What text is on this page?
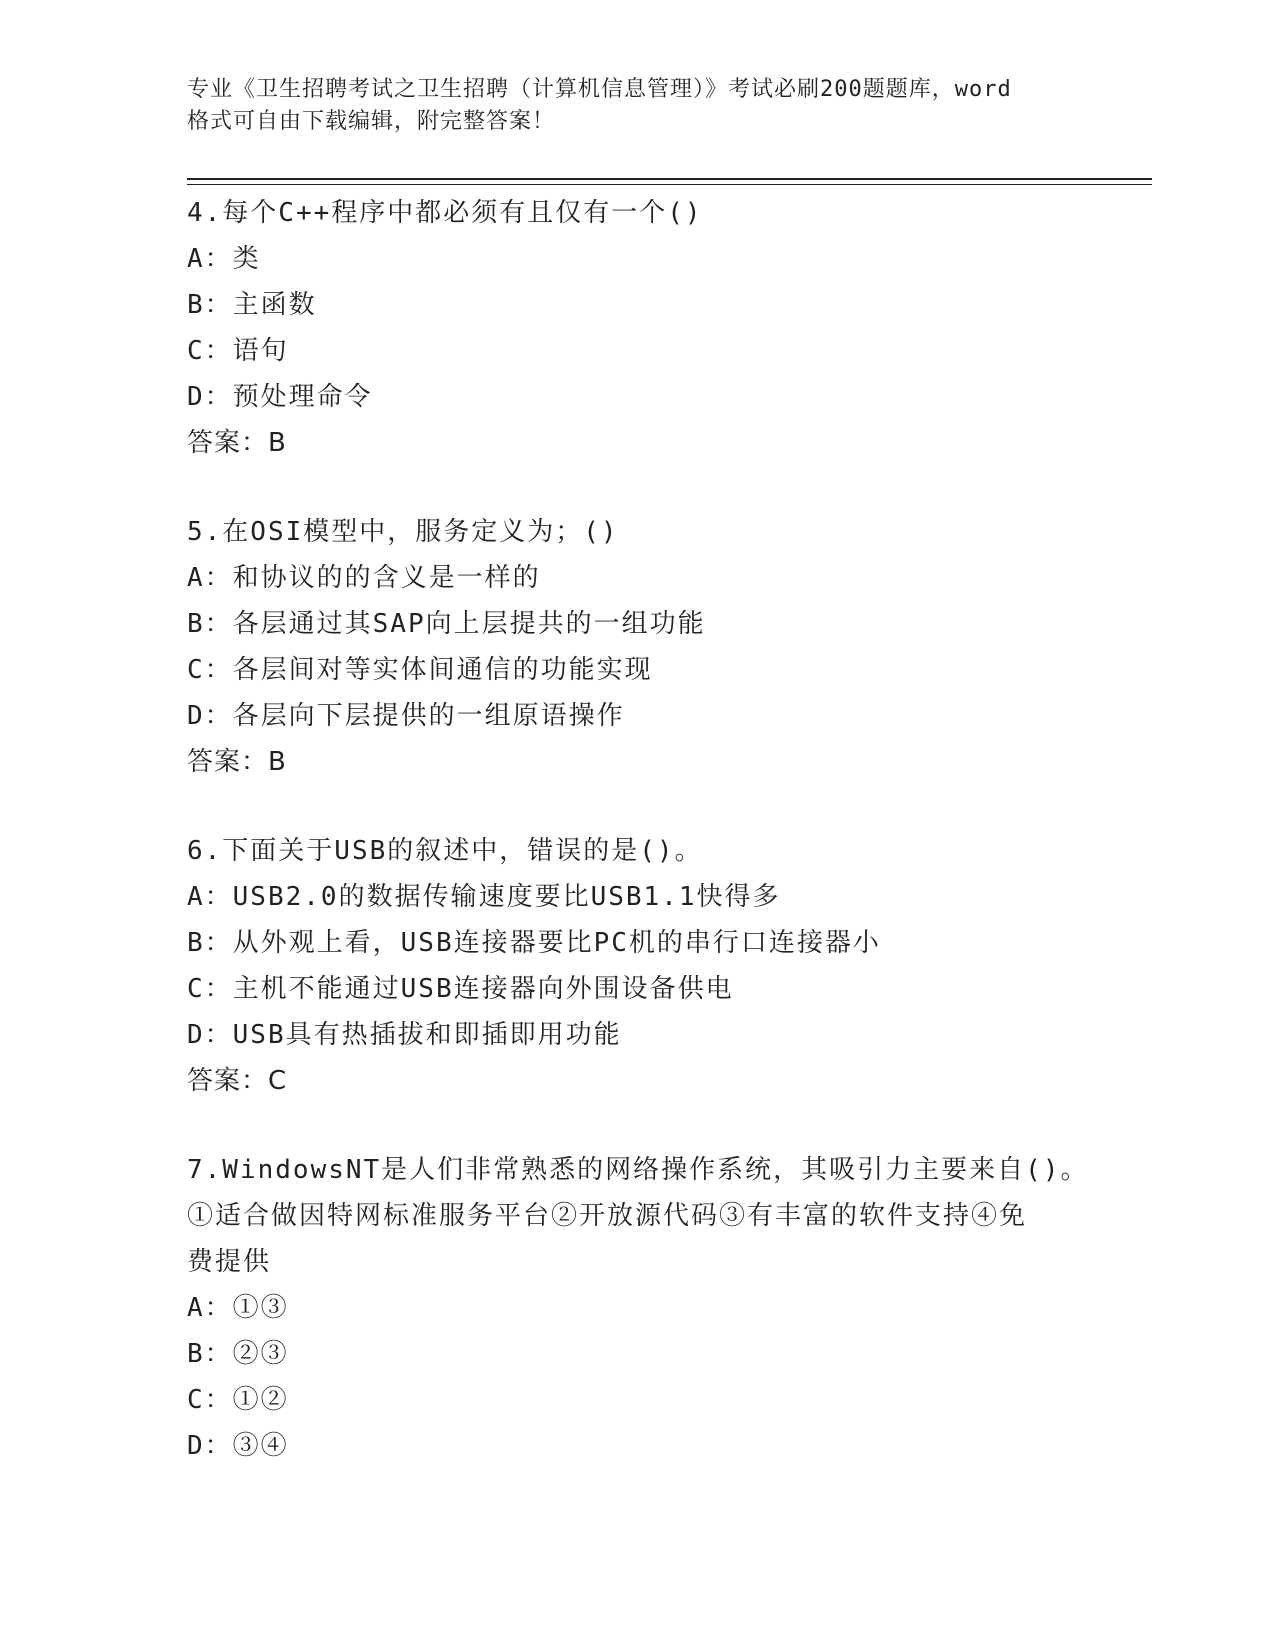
专业《卫生招聘考试之卫生招聘（计算机信息管理）》考试必刷200题题库，word
格式可自由下载编辑，附完整答案！
4.每个C++程序中都必须有且仅有一个()
A：类
B：主函数
C：语句
D：预处理命令
答案：B
5.在OSI模型中，服务定义为；()
A：和协议的的含义是一样的
B：各层通过其SAP向上层提共的一组功能
C：各层间对等实体间通信的功能实现
D：各层向下层提供的一组原语操作
答案：B
6.下面关于USB的叙述中，错误的是()。
A：USB2.0的数据传输速度要比USB1.1快得多
B：从外观上看，USB连接器要比PC机的串行口连接器小
C：主机不能通过USB连接器向外围设备供电
D：USB具有热插拔和即插即用功能
答案：C
7.WindowsNT是人们非常熟悉的网络操作系统，其吸引力主要来自()。
①适合做因特网标准服务平台②开放源代码③有丰富的软件支持④免
费提供
A：①③
B：②③
C：①②
D：③④
